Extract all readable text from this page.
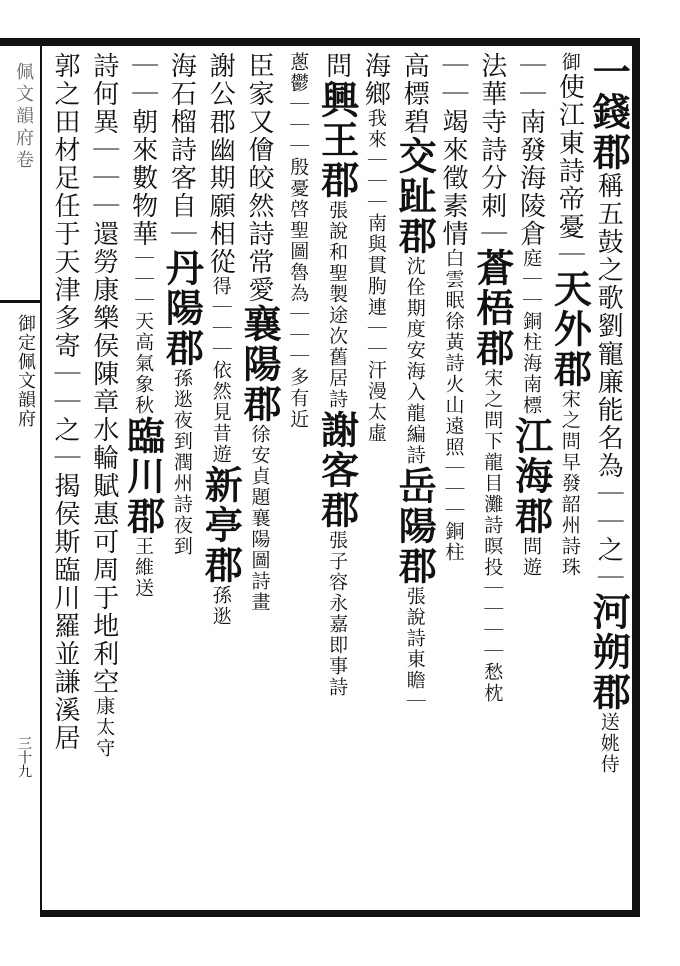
佩文韻府卷
御定佩文韻府
三十九
一錢郡
稱五鼓之歌劉寵廉能名為
｜｜之｜
河朔郡
送姚侍
御
使江東詩帝憂｜
天外郡
宋之問早發韶州詩珠
｜｜南發海陵倉
庭｜｜銅柱海南標
江海郡
問遊
法華寺詩分刺｜
蒼梧郡
宋之問下龍目灘詩暝投｜｜｜｜愁枕
｜｜竭來徵素情
白雲眠徐黃詩火山遠照｜｜｜銅柱
高標碧
交趾郡
沈佺期度安海入龍編詩
岳陽郡
張說詩東瞻｜
海鄉
我來｜｜｜南與貫朐連
｜｜汗漫太虛
問
興王郡
張說和聖製途次舊居詩
謝客郡
張子容永嘉即事詩
蔥鬱｜｜｜殷憂啓聖圖
魯為｜｜｜多有近
臣家又儈皎然詩常愛
襄陽郡
徐安貞題襄陽圖詩畫
謝公郡幽期願相從
得｜｜｜依然見昔遊
新亭郡
孫逖
海石榴詩客自｜
丹陽郡
孫逖夜到潤州詩夜到
｜｜朝來數物華
｜｜｜天高氣象秋
臨川郡
王維送
詩何異｜｜｜還勞康樂侯陳章水輪賦惠可周于地利空
康太守
郭之田材足任于天津多寄｜｜之｜揭侯斯臨川羅並謙溪居
